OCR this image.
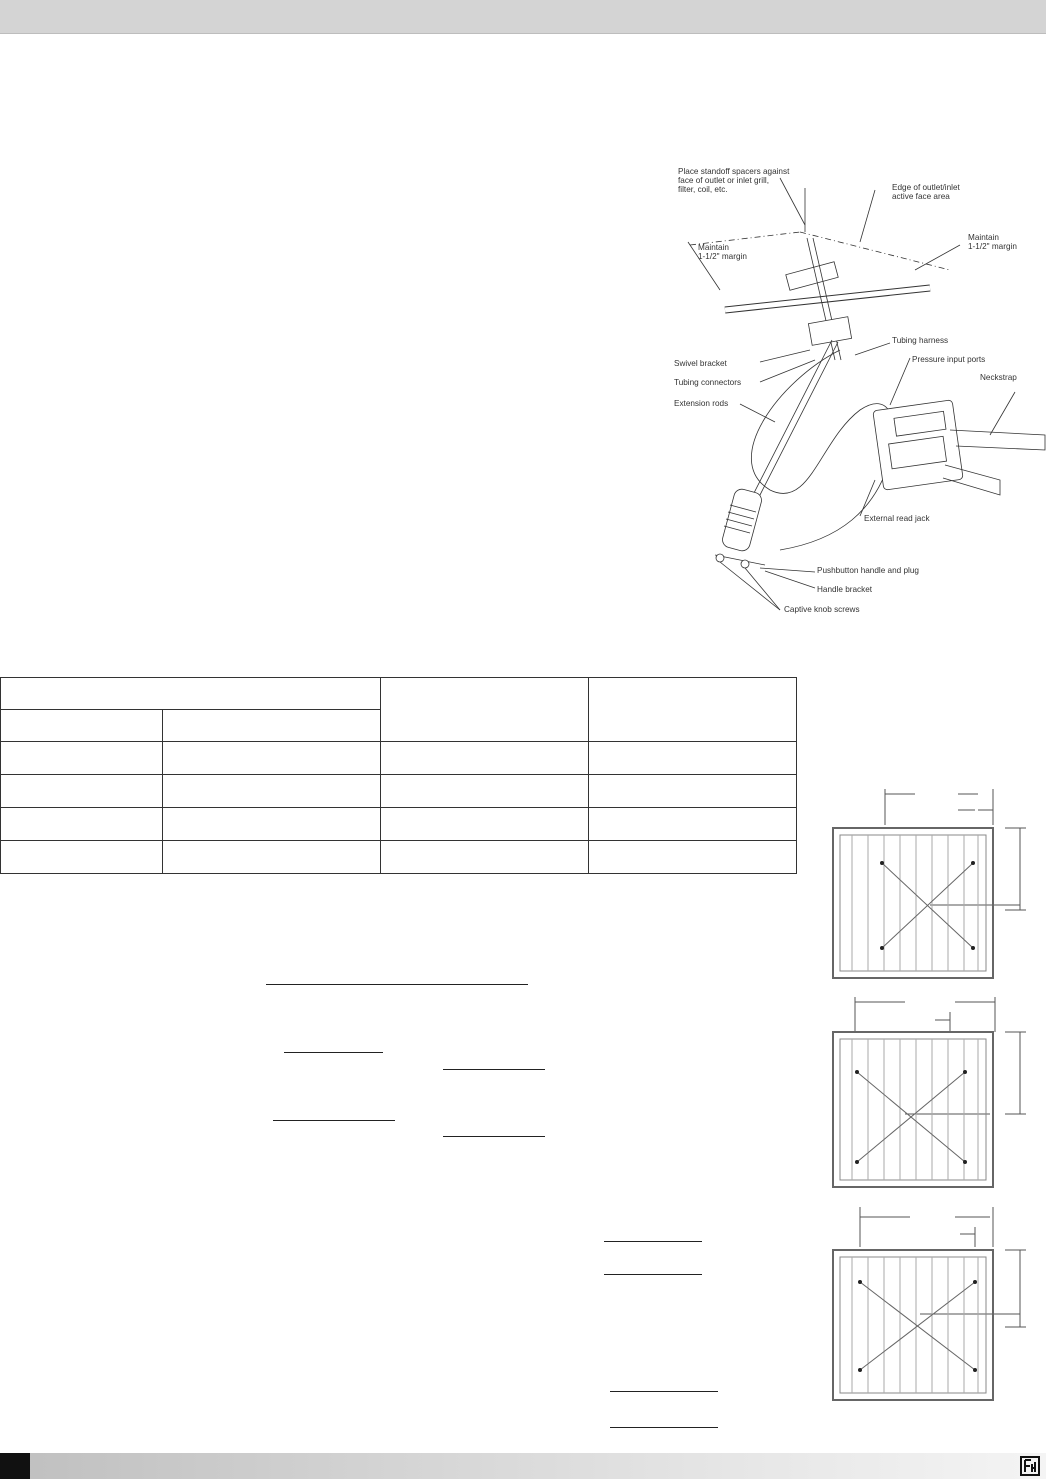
Place standoff spacers against
face of outlet or inlet grill,
filter, coil, etc.	Edge of outlet/inlet
active face area
Maintain
1-1/2" margin
Maintain
1-1/2" margin
Tubing harness
Pressure input ports
Neckstrap
Swivel bracket
Tubing connectors
Extension rods
External read jack
Pushbutton handle and plug
Handle bracket
Captive knob screws
